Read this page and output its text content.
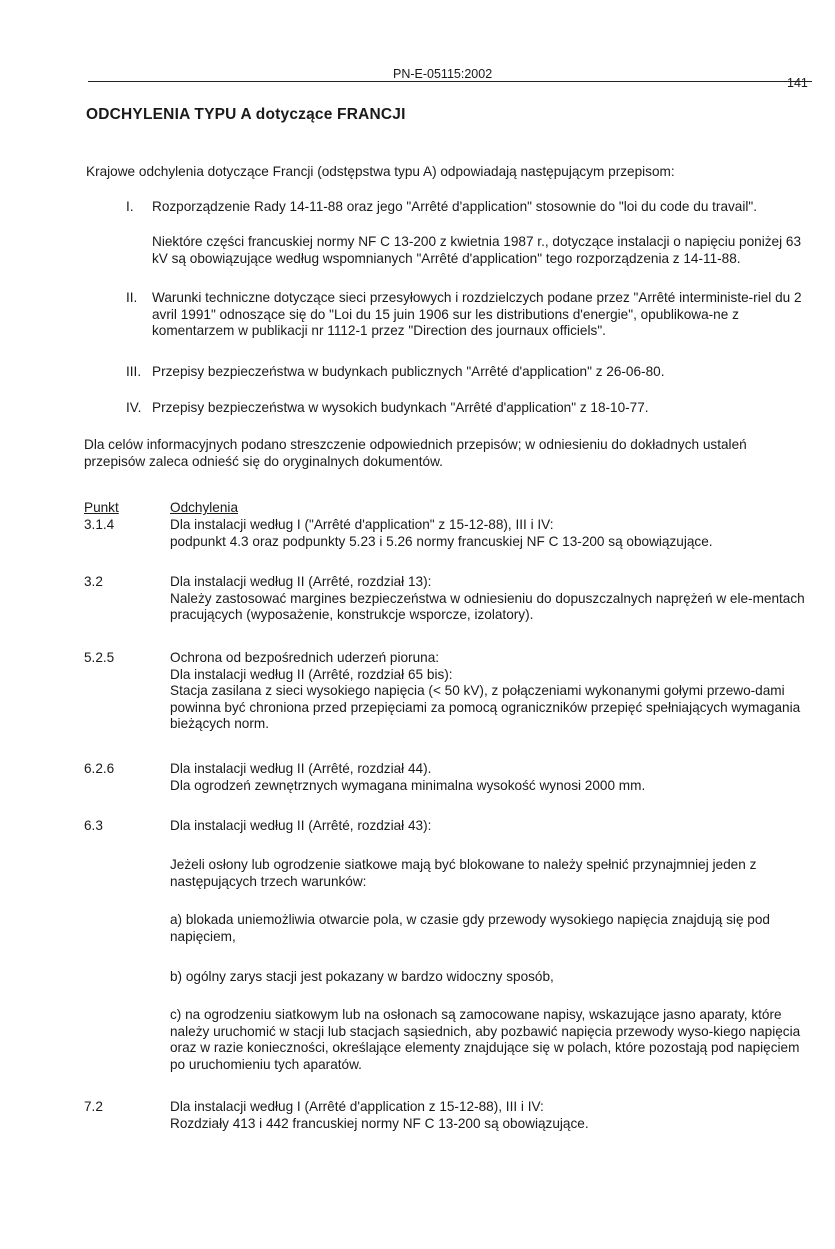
PN-E-05115:2002
141
ODCHYLENIA TYPU A dotyczące FRANCJI
Krajowe odchylenia dotyczące Francji (odstępstwa typu A) odpowiadają następującym przepisom:
I.	Rozporządzenie Rady 14-11-88 oraz jego "Arrêté d'application" stosownie do "loi du code du travail".
Niektóre części francuskiej normy NF C 13-200 z kwietnia 1987 r., dotyczące instalacji o napięciu poniżej 63 kV są obowiązujące według wspomnianych "Arrêté d'application" tego rozporządzenia z 14-11-88.
II.	Warunki techniczne dotyczące sieci przesyłowych i rozdzielczych podane przez "Arrêté interministe-riel du 2 avril 1991" odnoszące się do "Loi du 15 juin 1906 sur les distributions d'energie", opublikowa-ne z komentarzem w publikacji nr 1112-1 przez "Direction des journaux officiels".
III. Przepisy bezpieczeństwa w budynkach publicznych "Arrêté d'application" z 26-06-80.
IV. Przepisy bezpieczeństwa w wysokich budynkach "Arrêté d'application" z 18-10-77.
Dla celów informacyjnych podano streszczenie odpowiednich przepisów; w odniesieniu do dokładnych ustaleń przepisów zaleca odnieść się do oryginalnych dokumentów.
Punkt	Odchylenia
3.1.4	Dla instalacji według I ("Arrêté d'application" z 15-12-88), III i IV:
podpunkt 4.3 oraz podpunkty 5.23 i 5.26 normy francuskiej NF C 13-200 są obowiązujące.
3.2	Dla instalacji według II (Arrêté, rozdział 13):
Należy zastosować margines bezpieczeństwa w odniesieniu do dopuszczalnych naprężeń w ele-mentach pracujących (wyposażenie, konstrukcje wsporcze, izolatory).
5.2.5	Ochrona od bezpośrednich uderzeń pioruna:
Dla instalacji według II (Arrêté, rozdział 65 bis):
Stacja zasilana z sieci wysokiego napięcia (< 50 kV), z połączeniami wykonanymi gołymi przewo-dami powinna być chroniona przed przepięciami za pomocą ograniczników przepięć spełniających wymagania bieżących norm.
6.2.6	Dla instalacji według II (Arrêté, rozdział 44).
Dla ogrodzeń zewnętrznych wymagana minimalna wysokość wynosi 2000 mm.
6.3	Dla instalacji według II (Arrêté, rozdział 43):
Jeżeli osłony lub ogrodzenie siatkowe mają być blokowane to należy spełnić przynajmniej jeden z następujących trzech warunków:
a) blokada uniemożliwia otwarcie pola, w czasie gdy przewody wysokiego napięcia znajdują się pod napięciem,
b) ogólny zarys stacji jest pokazany w bardzo widoczny sposób,
c) na ogrodzeniu siatkowym lub na osłonach są zamocowane napisy, wskazujące jasno aparaty, które należy uruchomić w stacji lub stacjach sąsiednich, aby pozbawić napięcia przewody wyso-kiego napięcia oraz w razie konieczności, określające elementy znajdujące się w polach, które pozostają pod napięciem po uruchomieniu tych aparatów.
7.2	Dla instalacji według I (Arrêté d'application z 15-12-88), III i IV:
Rozdziały 413 i 442 francuskiej normy NF C 13-200 są obowiązujące.
